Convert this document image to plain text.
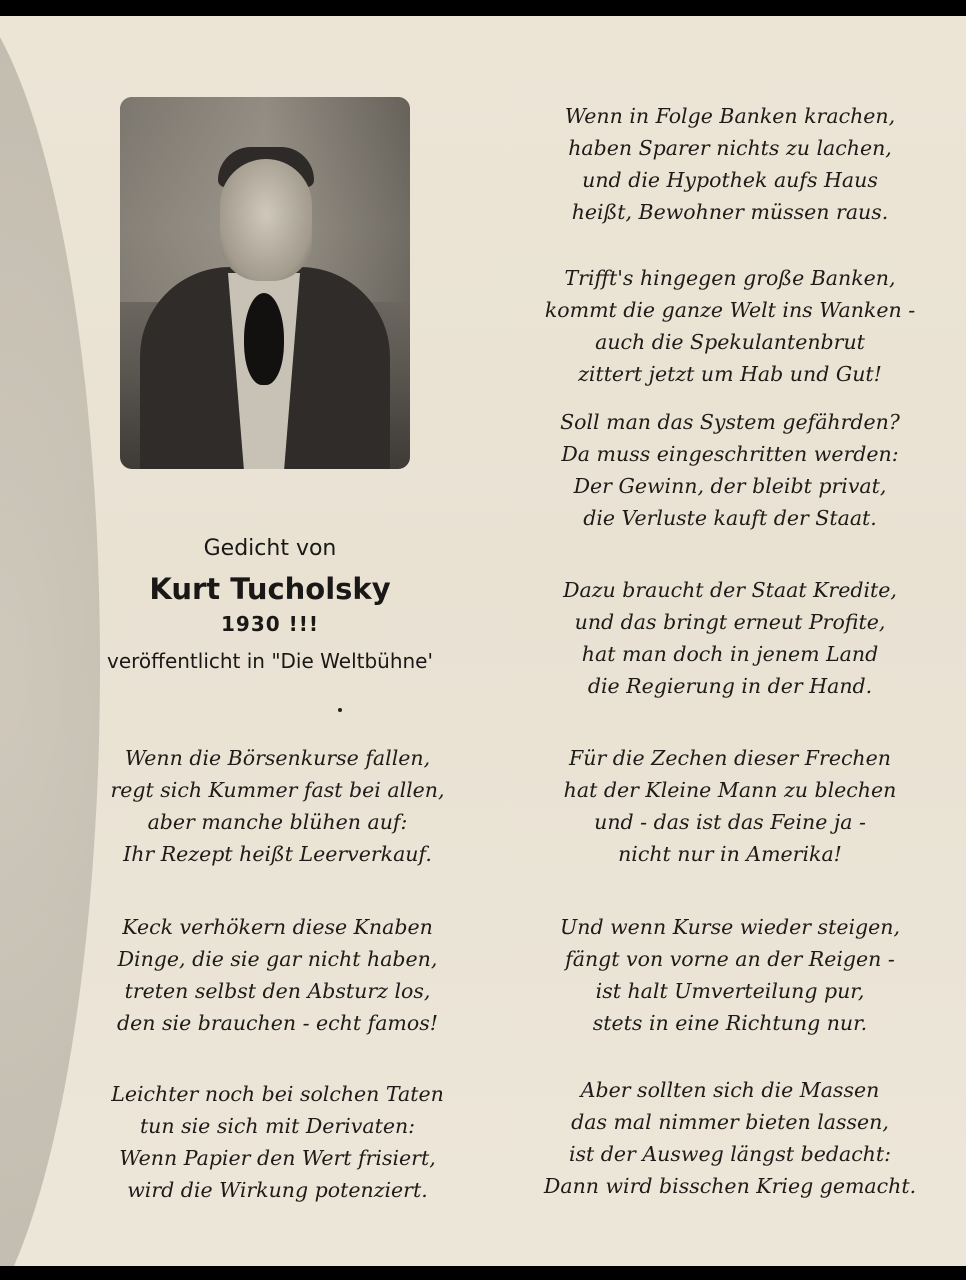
Gedicht von
Kurt Tucholsky
1930 !!!
veröffentlicht in "Die Weltbühne'
Wenn in Folge Banken krachen,
haben Sparer nichts zu lachen,
und die Hypothek aufs Haus
heißt, Bewohner müssen raus.
Trifft's hingegen große Banken,
kommt die ganze Welt ins Wanken -
auch die Spekulantenbrut
zittert jetzt um Hab und Gut!
Soll man das System gefährden?
Da muss eingeschritten werden:
Der Gewinn, der bleibt privat,
die Verluste kauft der Staat.
Dazu braucht der Staat Kredite,
und das bringt erneut Profite,
hat man doch in jenem Land
die Regierung in der Hand.
Für die Zechen dieser Frechen
hat der Kleine Mann zu blechen
und - das ist das Feine ja -
nicht nur in Amerika!
Und wenn Kurse wieder steigen,
fängt von vorne an der Reigen -
ist halt Umverteilung pur,
stets in eine Richtung nur.
Aber sollten sich die Massen
das mal nimmer bieten lassen,
ist der Ausweg längst bedacht:
Dann wird bisschen Krieg gemacht.
Wenn die Börsenkurse fallen,
regt sich Kummer fast bei allen,
aber manche blühen auf:
Ihr Rezept heißt Leerverkauf.
Keck verhökern diese Knaben
Dinge, die sie gar nicht haben,
treten selbst den Absturz los,
den sie brauchen - echt famos!
Leichter noch bei solchen Taten
tun sie sich mit Derivaten:
Wenn Papier den Wert frisiert,
wird die Wirkung potenziert.
